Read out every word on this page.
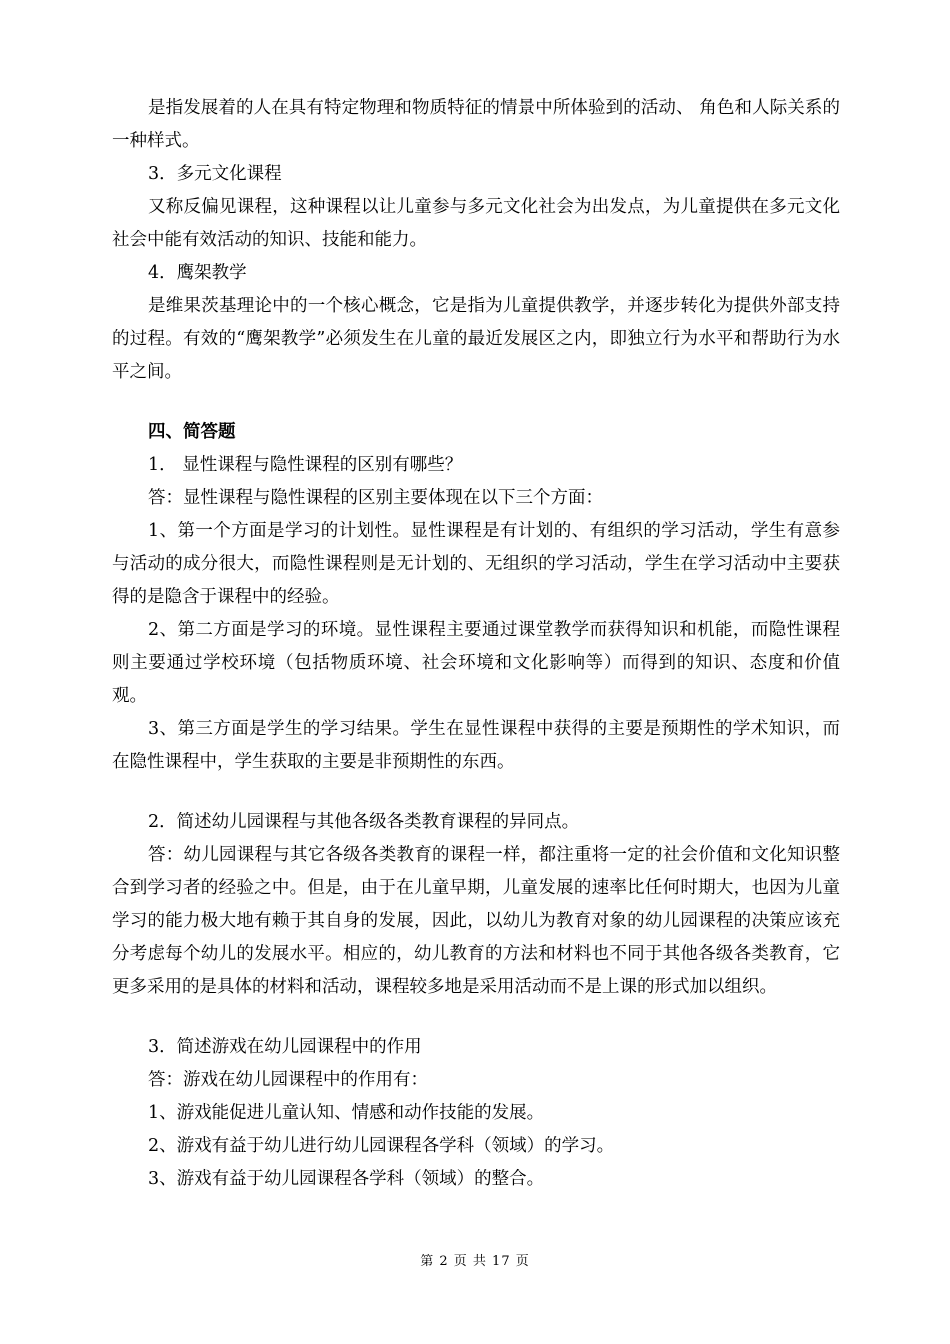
是指发展着的人在具有特定物理和物质特征的情景中所体验到的活动、 角色和人际关系的一种样式。

3．多元文化课程

又称反偏见课程，这种课程以让儿童参与多元文化社会为出发点，为儿童提供在多元文化社会中能有效活动的知识、技能和能力。

4．鹰架教学

是维果茨基理论中的一个核心概念，它是指为儿童提供教学，并逐步转化为提供外部支持的过程。有效的“鹰架教学”必须发生在儿童的最近发展区之内，即独立行为水平和帮助行为水平之间。

四、简答题

1． 显性课程与隐性课程的区别有哪些？

答：显性课程与隐性课程的区别主要体现在以下三个方面：

1、第一个方面是学习的计划性。显性课程是有计划的、有组织的学习活动，学生有意参与活动的成分很大，而隐性课程则是无计划的、无组织的学习活动，学生在学习活动中主要获得的是隐含于课程中的经验。

2、第二方面是学习的环境。显性课程主要通过课堂教学而获得知识和机能，而隐性课程则主要通过学校环境（包括物质环境、社会环境和文化影响等）而得到的知识、态度和价值观。

3、第三方面是学生的学习结果。学生在显性课程中获得的主要是预期性的学术知识，而在隐性课程中，学生获取的主要是非预期性的东西。

2．简述幼儿园课程与其他各级各类教育课程的异同点。

答：幼儿园课程与其它各级各类教育的课程一样，都注重将一定的社会价值和文化知识整合到学习者的经验之中。但是，由于在儿童早期，儿童发展的速率比任何时期大，也因为儿童学习的能力极大地有赖于其自身的发展，因此，以幼儿为教育对象的幼儿园课程的决策应该充分考虑每个幼儿的发展水平。相应的，幼儿教育的方法和材料也不同于其他各级各类教育，它更多采用的是具体的材料和活动，课程较多地是采用活动而不是上课的形式加以组织。

3．简述游戏在幼儿园课程中的作用

答：游戏在幼儿园课程中的作用有：

1、游戏能促进儿童认知、情感和动作技能的发展。

2、游戏有益于幼儿进行幼儿园课程各学科（领域）的学习。

3、游戏有益于幼儿园课程各学科（领域）的整合。

第 2 页 共 17 页
